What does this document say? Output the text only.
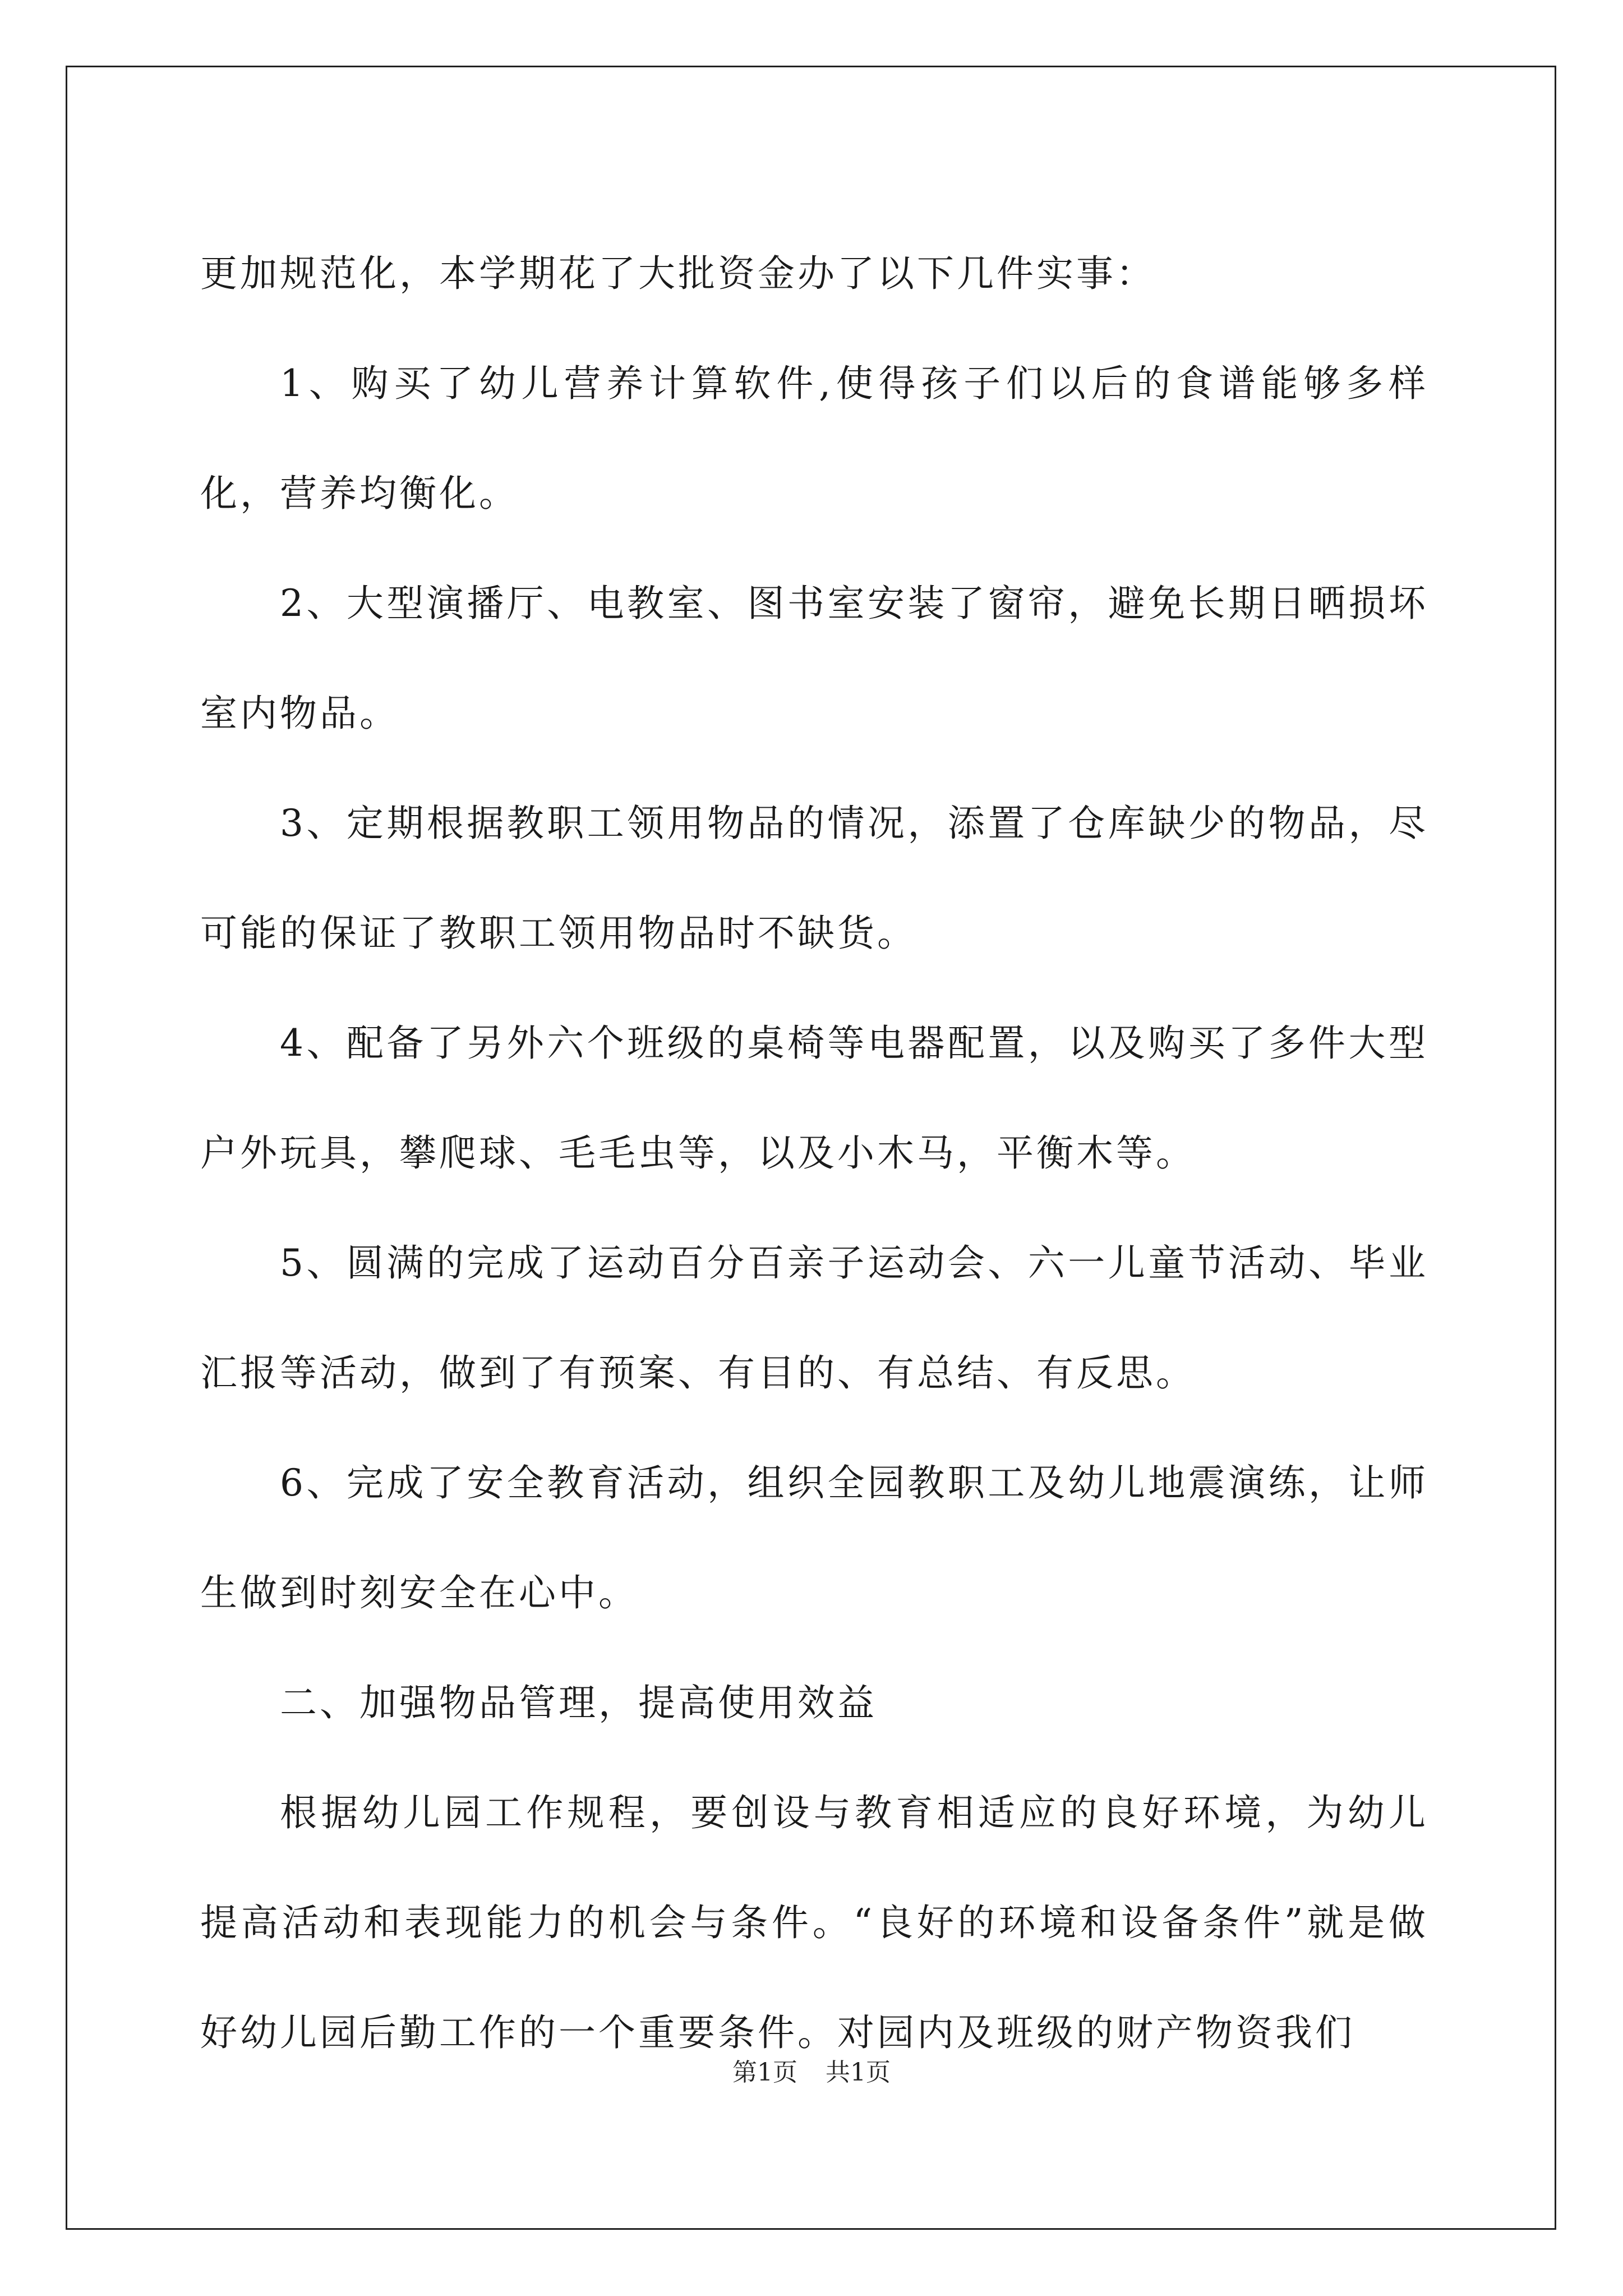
更加规范化，本学期花了大批资金办了以下几件实事：

1、购买了幼儿营养计算软件,使得孩子们以后的食谱能够多样化，营养均衡化。

2、大型演播厅、电教室、图书室安装了窗帘，避免长期日晒损坏室内物品。

3、定期根据教职工领用物品的情况，添置了仓库缺少的物品，尽可能的保证了教职工领用物品时不缺货。

4、配备了另外六个班级的桌椅等电器配置，以及购买了多件大型户外玩具，攀爬球、毛毛虫等，以及小木马，平衡木等。

5、圆满的完成了运动百分百亲子运动会、六一儿童节活动、毕业汇报等活动，做到了有预案、有目的、有总结、有反思。

6、完成了安全教育活动，组织全园教职工及幼儿地震演练，让师生做到时刻安全在心中。

二、加强物品管理，提高使用效益

根据幼儿园工作规程，要创设与教育相适应的良好环境，为幼儿提高活动和表现能力的机会与条件。“良好的环境和设备条件”就是做好幼儿园后勤工作的一个重要条件。对园内及班级的财产物资我们

第1页 共1页
